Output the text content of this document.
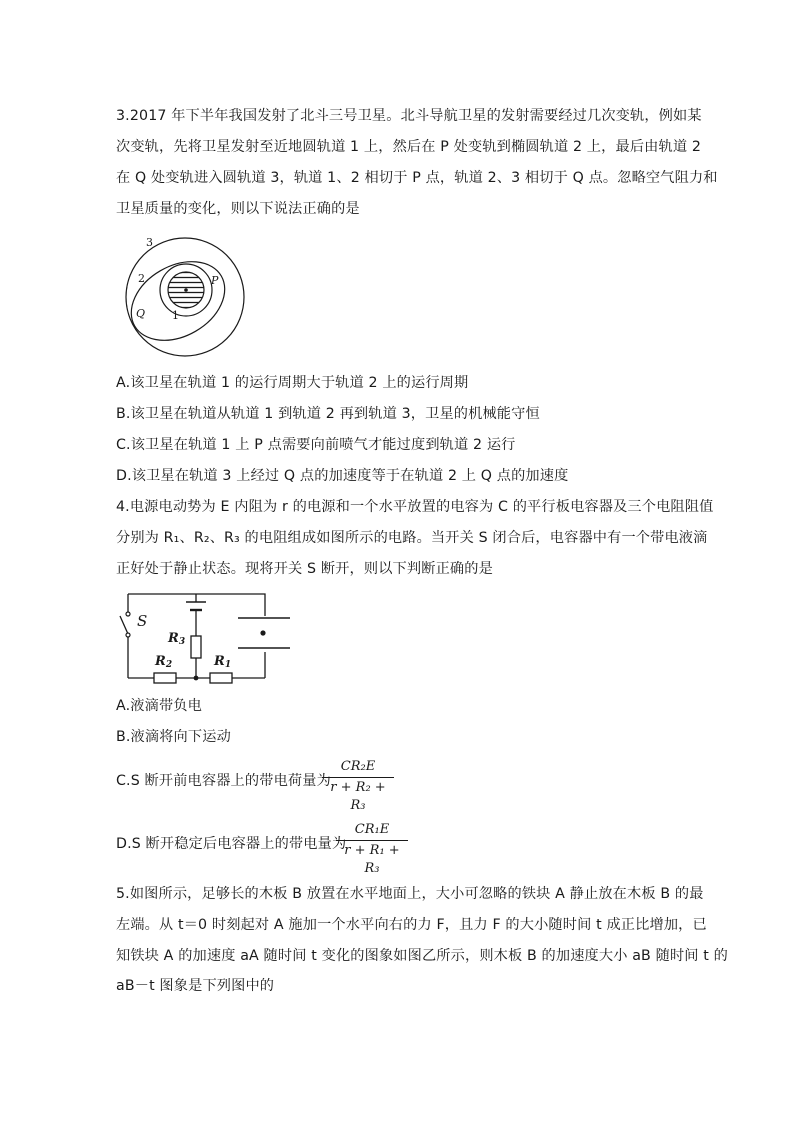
3.2017 年下半年我国发射了北斗三号卫星。北斗导航卫星的发射需要经过几次变轨，例如某
次变轨，先将卫星发射至近地圆轨道 1 上，然后在 P 处变轨到椭圆轨道 2 上，最后由轨道 2
在 Q 处变轨进入圆轨道 3，轨道 1、2 相切于 P 点，轨道 2、3 相切于 Q 点。忽略空气阻力和
卫星质量的变化，则以下说法正确的是
3
2
1
P
Q
A.该卫星在轨道 1 的运行周期大于轨道 2 上的运行周期
B.该卫星在轨道从轨道 1 到轨道 2 再到轨道 3，卫星的机械能守恒
C.该卫星在轨道 1 上 P 点需要向前喷气才能过度到轨道 2 运行
D.该卫星在轨道 3 上经过 Q 点的加速度等于在轨道 2 上 Q 点的加速度
4.电源电动势为 E 内阻为 r 的电源和一个水平放置的电容为 C 的平行板电容器及三个电阻阻值
分别为 R₁、R₂、R₃ 的电阻组成如图所示的电路。当开关 S 闭合后，电容器中有一个带电液滴
正好处于静止状态。现将开关 S 断开，则以下判断正确的是
S
$R_3$
$R_2$	$R_1$
A.液滴带负电
B.液滴将向下运动
C.S 断开前电容器上的带电荷量为
CR₂E
r + R₂ + R₃
D.S 断开稳定后电容器上的带电量为
CR₁E
r + R₁ + R₃
5.如图所示，足够长的木板 B 放置在水平地面上，大小可忽略的铁块 A 静止放在木板 B 的最
左端。从 t＝0 时刻起对 A 施加一个水平向右的力 F，且力 F 的大小随时间 t 成正比增加，已
知铁块 A 的加速度 aA 随时间 t 变化的图象如图乙所示，则木板 B 的加速度大小 aB 随时间 t 的
aB－t 图象是下列图中的
